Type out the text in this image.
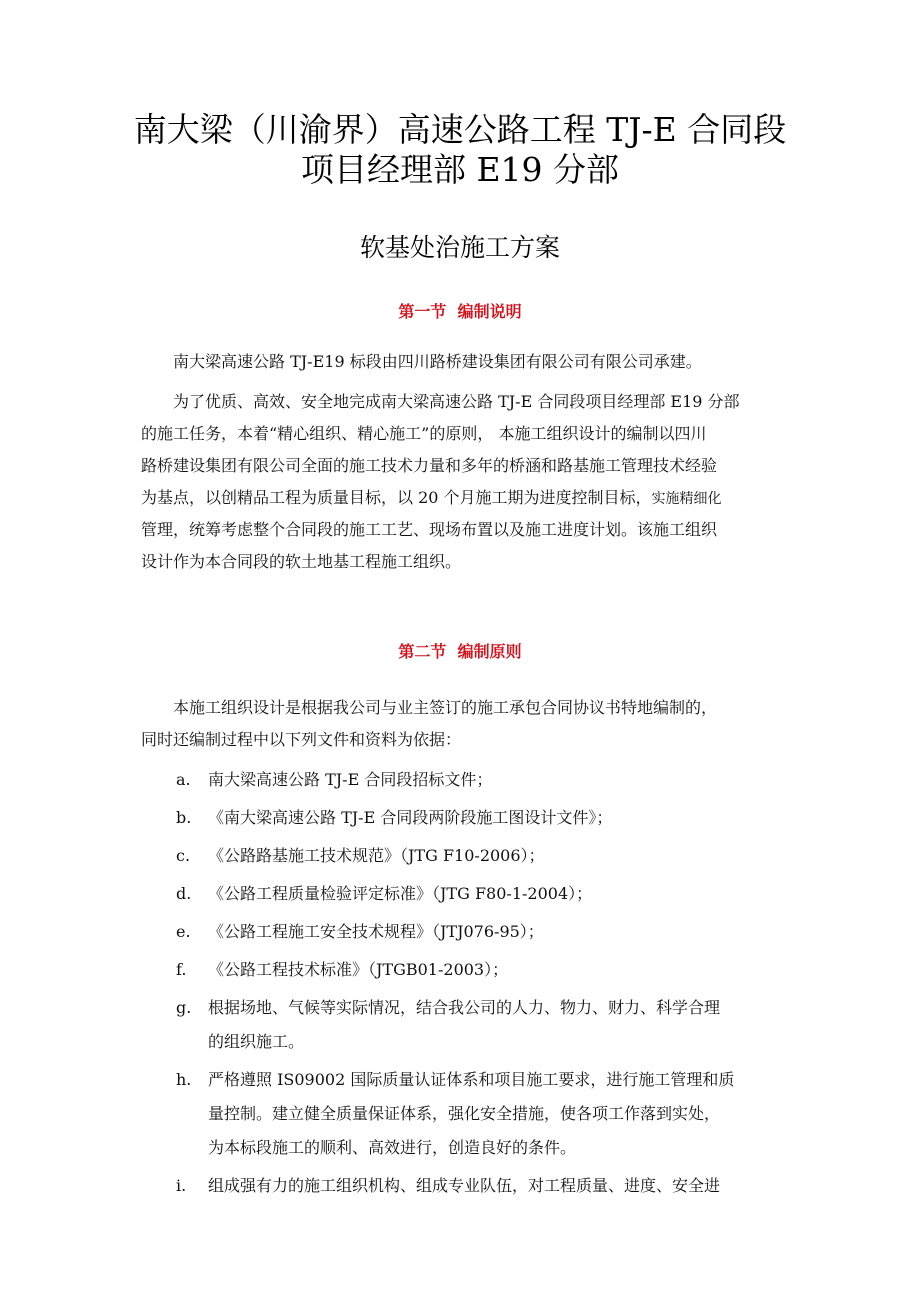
南大梁（川渝界）高速公路工程 TJ-E 合同段
项目经理部 E19 分部
软基处治施工方案
第一节  编制说明
南大梁高速公路 TJ-E19 标段由四川路桥建设集团有限公司有限公司承建。
为了优质、高效、安全地完成南大梁高速公路 TJ-E 合同段项目经理部 E19 分部
的施工任务，本着“精心组织、精心施工”的原则， 本施工组织设计的编制以四川
路桥建设集团有限公司全面的施工技术力量和多年的桥涵和路基施工管理技术经验
为基点，以创精品工程为质量目标，以 20 个月施工期为进度控制目标，实施精细化
管理，统筹考虑整个合同段的施工工艺、现场布置以及施工进度计划。该施工组织
设计作为本合同段的软土地基工程施工组织。
第二节  编制原则
本施工组织设计是根据我公司与业主签订的施工承包合同协议书特地编制的，
同时还编制过程中以下列文件和资料为依据：
a.	南大梁高速公路 TJ-E 合同段招标文件；
b.	《南大梁高速公路 TJ-E 合同段两阶段施工图设计文件》；
c.	《公路路基施工技术规范》（JTG F10-2006）；
d.	《公路工程质量检验评定标准》（JTG F80-1-2004）；
e.	《公路工程施工安全技术规程》（JTJ076-95）；
f.	《公路工程技术标准》（JTGB01-2003）；
g.	根据场地、气候等实际情况，结合我公司的人力、物力、财力、科学合理
的组织施工。
h.	严格遵照 IS09002 国际质量认证体系和项目施工要求，进行施工管理和质
量控制。建立健全质量保证体系，强化安全措施，使各项工作落到实处，
为本标段施工的顺利、高效进行，创造良好的条件。
i.	组成强有力的施工组织机构、组成专业队伍，对工程质量、进度、安全进
